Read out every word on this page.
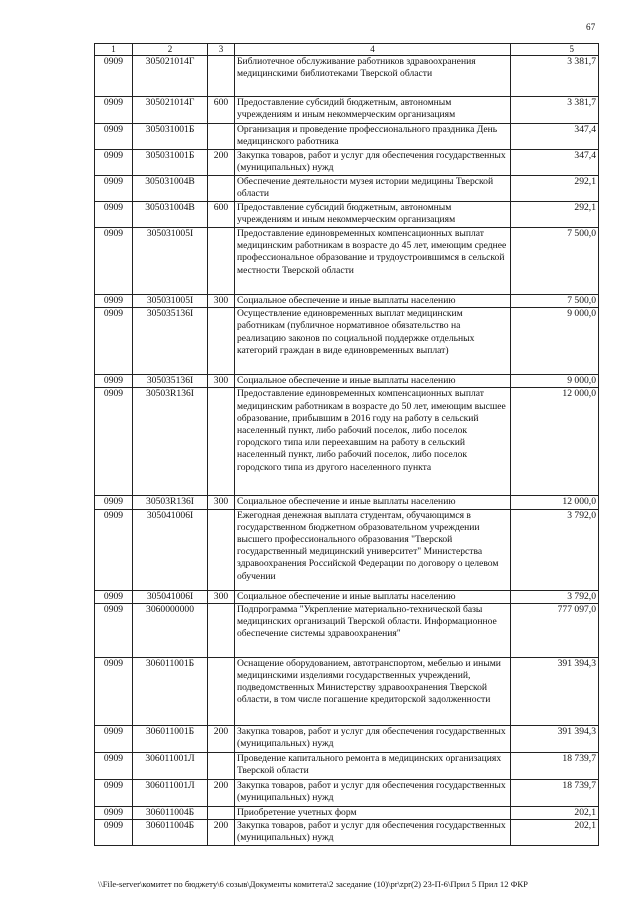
67
1	2	3	4	5
0909	305021014Г		Библиотечное обслуживание работников здравоохранения медицинскими библиотеками Тверской области	3 381,7
0909	305021014Г	600	Предоставление субсидий бюджетным, автономным учреждениям и иным некоммерческим организациям	3 381,7
0909	305031001Б		Организация и проведение профессионального праздника День медицинского работника	347,4
0909	305031001Б	200	Закупка товаров, работ и услуг для обеспечения государственных (муниципальных) нужд	347,4
0909	305031004В		Обеспечение деятельности музея истории медицины Тверской области	292,1
0909	305031004В	600	Предоставление субсидий бюджетным, автономным учреждениям и иным некоммерческим организациям	292,1
0909	305031005I		Предоставление единовременных компенсационных выплат медицинским работникам в возрасте до 45 лет, имеющим среднее профессиональное образование и трудоустроившимся в сельской местности Тверской области	7 500,0
0909	305031005I	300	Социальное обеспечение и иные выплаты населению	7 500,0
0909	305035136I		Осуществление единовременных выплат медицинским работникам (публичное нормативное обязательство на реализацию законов по социальной поддержке отдельных категорий граждан в виде единовременных выплат)	9 000,0
0909	305035136I	300	Социальное обеспечение и иные выплаты населению	9 000,0
0909	30503R136I		Предоставление единовременных компенсационных выплат медицинским работникам в возрасте до 50 лет, имеющим высшее образование, прибывшим в 2016 году на работу в сельский населенный пункт, либо рабочий поселок, либо поселок городского типа или переехавшим на работу в сельский населенный пункт, либо рабочий поселок, либо поселок городского типа из другого населенного пункта	12 000,0
0909	30503R136I	300	Социальное обеспечение и иные выплаты населению	12 000,0
0909	305041006I		Ежегодная денежная выплата студентам, обучающимся в государственном бюджетном образовательном учреждении высшего профессионального образования "Тверской государственный медицинский университет" Министерства здравоохранения Российской Федерации по договору о целевом обучении	3 792,0
0909	305041006I	300	Социальное обеспечение и иные выплаты населению	3 792,0
0909	3060000000		Подпрограмма "Укрепление материально-технической базы медицинских организаций Тверской области. Информационное обеспечение системы здравоохранения"	777 097,0
0909	306011001Б		Оснащение оборудованием, автотранспортом, мебелью и иными медицинскими изделиями государственных учреждений, подведомственных Министерству здравоохранения Тверской области, в том числе погашение кредиторской задолженности	391 394,3
0909	306011001Б	200	Закупка товаров, работ и услуг для обеспечения государственных (муниципальных) нужд	391 394,3
0909	306011001Л		Проведение капитального ремонта в медицинских организациях Тверской области	18 739,7
0909	306011001Л	200	Закупка товаров, работ и услуг для обеспечения государственных (муниципальных) нужд	18 739,7
0909	306011004Б		Приобретение учетных форм	202,1
0909	306011004Б	200	Закупка товаров, работ и услуг для обеспечения государственных (муниципальных) нужд	202,1
\\File-server\комитет по бюджету\6 созыв\Документы комитета\2 заседание (10)\pr\zpr(2) 23-П-6\Прил 5 Прил 12 ФКР
